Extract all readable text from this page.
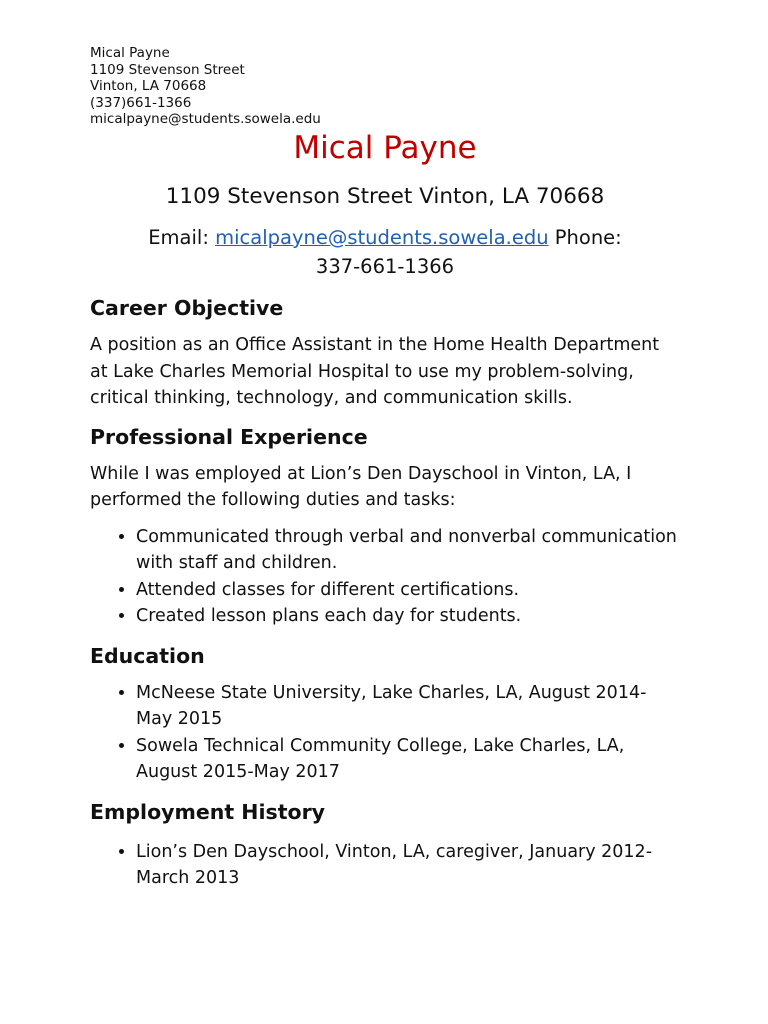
Mical Payne
1109 Stevenson Street
Vinton, LA 70668
(337)661-1366
micalpayne@students.sowela.edu
Mical Payne

1109 Stevenson Street Vinton, LA 70668

Email: micalpayne@students.sowela.edu Phone:
337-661-1366

Career Objective

A position as an Office Assistant in the Home Health Department at Lake Charles Memorial Hospital to use my problem-solving, critical thinking, technology, and communication skills.

Professional Experience

While I was employed at Lion’s Den Dayschool in Vinton, LA, I performed the following duties and tasks:

• Communicated through verbal and nonverbal communication with staff and children.
• Attended classes for different certifications.
• Created lesson plans each day for students.
Education
• McNeese State University, Lake Charles, LA, August 2014-May 2015
• Sowela Technical Community College, Lake Charles, LA, August 2015-May 2017
Employment History
• Lion’s Den Dayschool, Vinton, LA, caregiver, January 2012-March 2013
